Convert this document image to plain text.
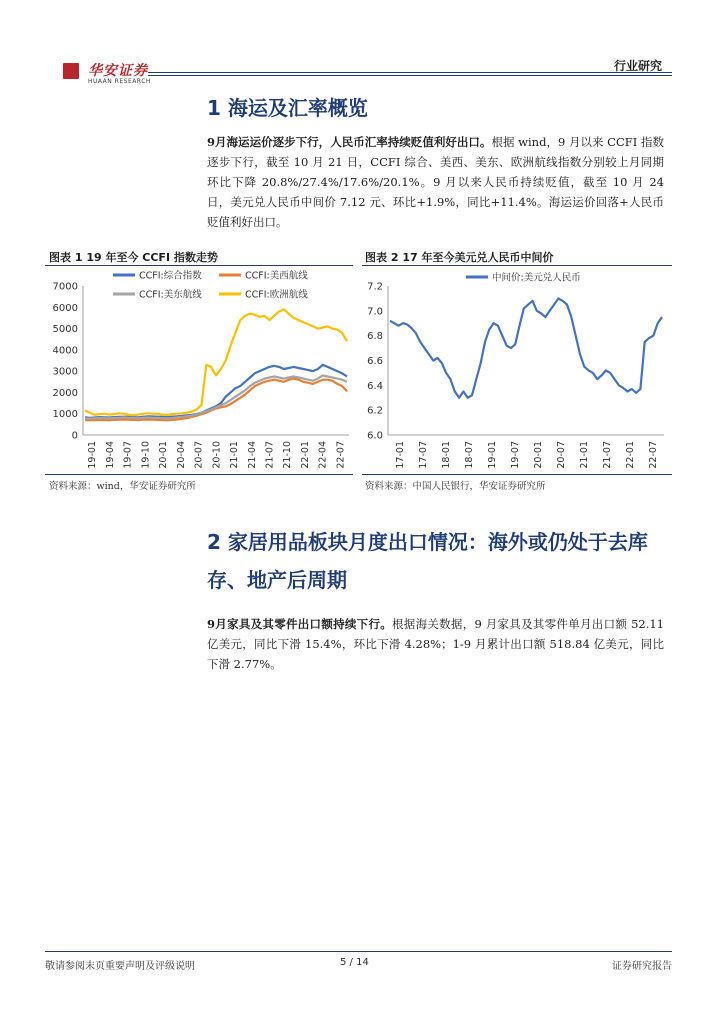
华安证券
HUAAN RESEARCH
行业研究
1 海运及汇率概览
9月海运运价逐步下行，人民币汇率持续贬值利好出口。根据 wind，9 月以来 CCFI 指数逐步下行，截至 10 月 21 日，CCFI 综合、美西、美东、欧洲航线指数分别较上月同期环比下降 20.8%/27.4%/17.6%/20.1%。9 月以来人民币持续贬值，截至 10 月 24 日，美元兑人民币中间价 7.12 元、环比+1.9%，同比+11.4%。海运运价回落+人民币贬值利好出口。
图表 1 19 年至今 CCFI 指数走势
0
1000
2000
3000
4000
5000
6000
7000
19-01 19-04 19-07 19-10 20-01 20-04 20-07 20-10 21-01 21-04 21-07 21-10 22-01 22-04 22-07
CCFI:综合指数	CCFI:美西航线
CCFI:美东航线	CCFI:欧洲航线
资料来源：wind，华安证券研究所
图表 2 17 年至今美元兑人民币中间价
6.0
6.2
6.4
6.6
6.8
7.0
7.2
17-01 17-07 18-01 18-07 19-01 19-07 20-01 20-07 21-01 21-07 22-01 22-07
中间价:美元兑人民币
资料来源：中国人民银行，华安证券研究所
2 家居用品板块月度出口情况：海外或仍处于去库存、地产后周期
9月家具及其零件出口额持续下行。根据海关数据，9 月家具及其零件单月出口额 52.11 亿美元，同比下滑 15.4%，环比下滑 4.28%；1-9 月累计出口额 518.84 亿美元，同比下滑 2.77%。
敬请参阅末页重要声明及评级说明	5 / 14	证券研究报告
